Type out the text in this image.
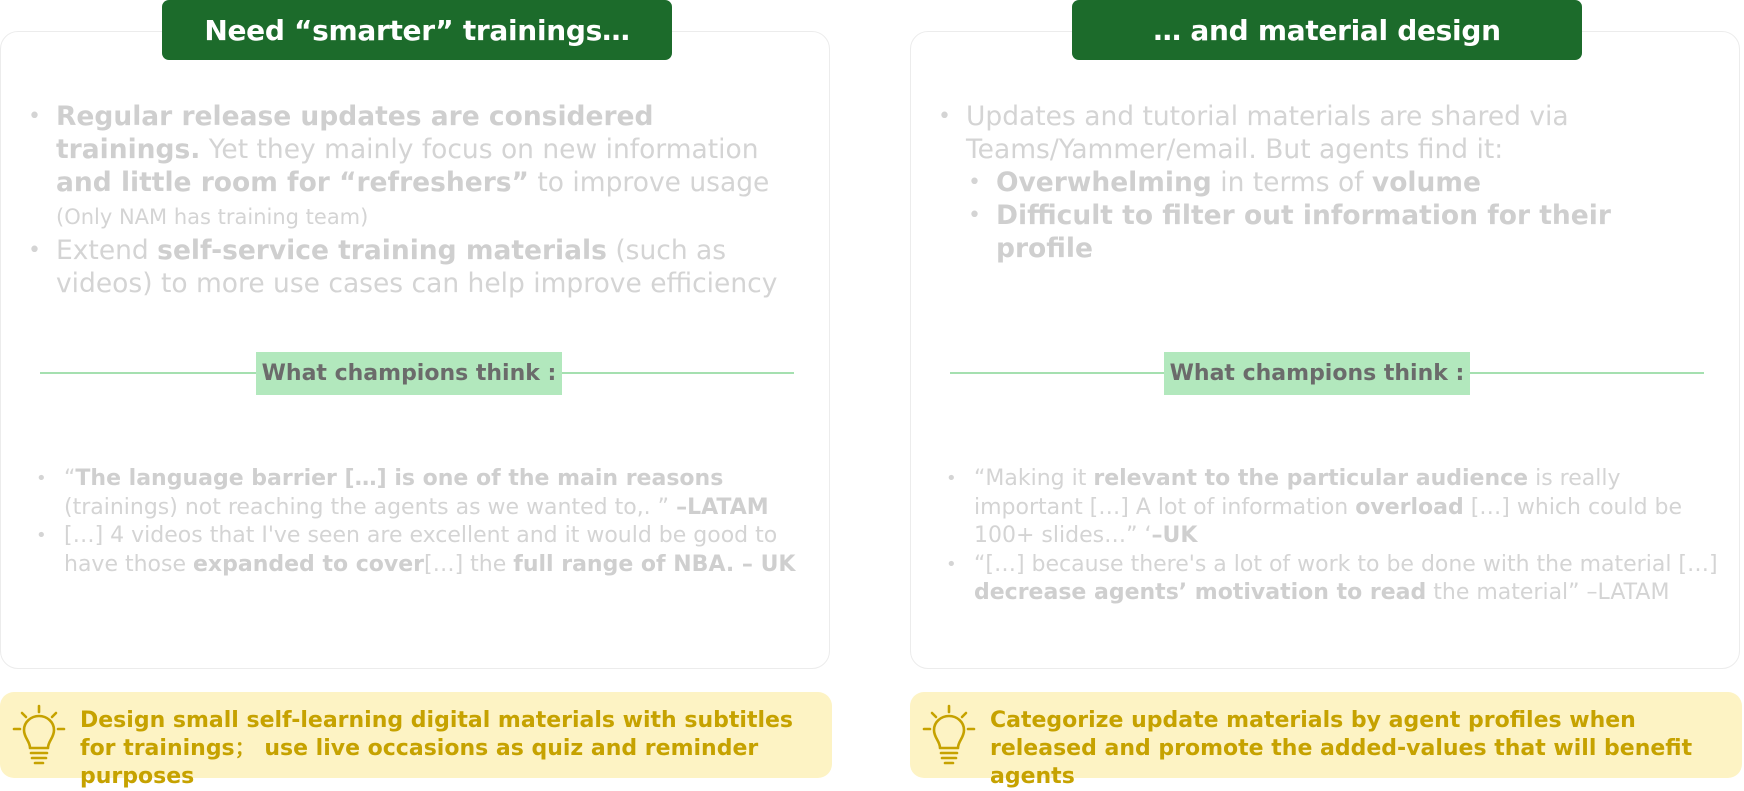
Need “smarter” trainings…
• Regular release updates are considered trainings. Yet they mainly focus on new information and little room for “refreshers” to improve usage (Only NAM has training team)
• Extend self-service training materials (such as videos) to more use cases can help improve efficiency
What champions think :
• “The language barrier […] is one of the main reasons (trainings) not reaching the agents as we wanted to,. ” –LATAM
• […] 4 videos that I've seen are excellent and it would be good to have those expanded to cover[…] the full range of NBA. – UK
Design small self-learning digital materials with subtitles for trainings； use live occasions as quiz and reminder purposes
… and material design
• Updates and tutorial materials are shared via Teams/Yammer/email. But agents find it:
• Overwhelming in terms of volume
• Difficult to filter out information for their profile
What champions think :
• “Making it relevant to the particular audience is really important […] A lot of information overload […] which could be 100+ slides…” ‘–UK
• “[…] because there's a lot of work to be done with the material […] decrease agents’ motivation to read the material” –LATAM
Categorize update materials by agent profiles when released and promote the added-values that will benefit agents
